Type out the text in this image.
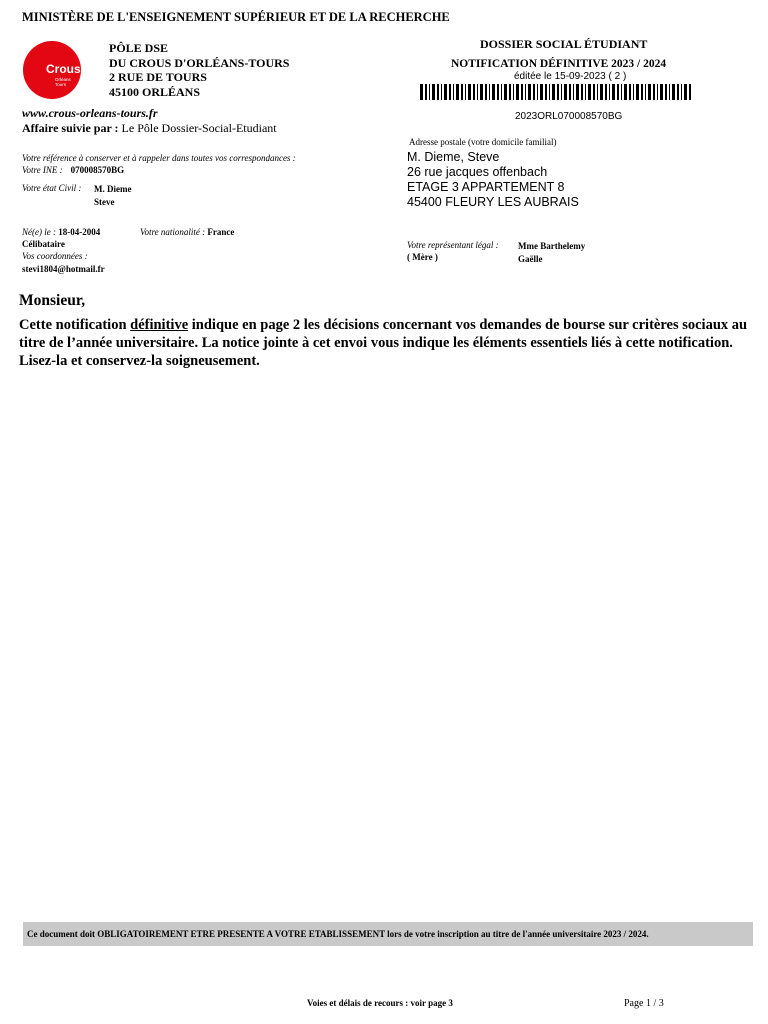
MINISTÈRE DE L'ENSEIGNEMENT SUPÉRIEUR ET DE LA RECHERCHE
Crous
Orléans
Tours
PÔLE DSE
DU CROUS D'ORLÉANS-TOURS
2 RUE DE TOURS
45100 ORLÉANS
www.crous-orleans-tours.fr
Affaire suivie par : Le Pôle Dossier-Social-Etudiant
DOSSIER SOCIAL ÉTUDIANT
NOTIFICATION DÉFINITIVE 2023 / 2024
éditée le 15-09-2023 ( 2 )
2023ORL070008570BG
Adresse postale (votre domicile familial)
M. Dieme, Steve
26 rue jacques offenbach
ETAGE 3 APPARTEMENT 8
45400 FLEURY LES AUBRAIS
Votre référence à conserver et à rappeler dans toutes vos correspondances :
Votre INE : 070008570BG
Votre état Civil : M. Dieme
Steve
Né(e) le : 18-04-2004	Votre nationalité : France
Célibataire
Vos coordonnées :
stevi1804@hotmail.fr
Votre représentant légal : Mme Barthelemy
Gaëlle
( Mère )
Monsieur,
Cette notification définitive indique en page 2 les décisions concernant vos demandes de bourse sur critères sociaux au titre de l’année universitaire. La notice jointe à cet envoi vous indique les éléments essentiels liés à cette notification. Lisez-la et conservez-la soigneusement.
Ce document doit OBLIGATOIREMENT ETRE PRESENTE A VOTRE ETABLISSEMENT lors de votre inscription au titre de l'année universitaire 2023 / 2024.
Voies et délais de recours : voir page 3	Page 1 / 3
